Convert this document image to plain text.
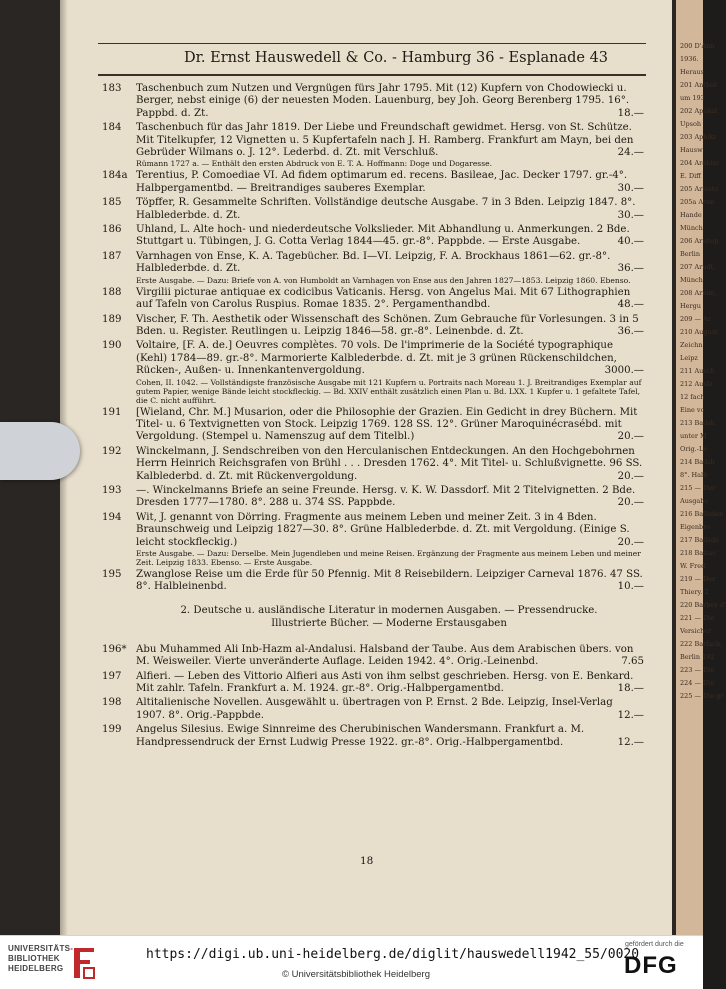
200 D'Ann
1936.
Heraus
201 Anthol
um 193
202 Apokal
Upsoh
203 Aplekr
Hausw
204 Arabisc
E. Diff
205 Ariosto
205a Arim
Hande
Münch
206 Aristop
Berlin
207 Arndt,
Münch
208 Arnim,
Hergu
209 — Ar
210 August
Zeichn
Leipz
211 Ausch
212 Auslä
12 fach
Eine vo
213 Badsh
unter M
Orig.-Le
214 Badsh
8°. Halb
215 — Der
Ausgabe
216 Balladen
Eigenbro
217 Ballads
218 Balzac
W. Fred.
219 — Der
Thiery. 2
220 Barbey d'
221 — Die
Versicher
222 Barlach,
Berlin 192
223 — Die
224 — Die
225 — Die gr
Dr. Ernst Hauswedell & Co. - Hamburg 36 - Esplanade 43
183	Taschenbuch zum Nutzen und Vergnügen fürs Jahr 1795. Mit (12) Kupfern von Chodowiecki u. Berger, nebst einige (6) der neuesten Moden. Lauenburg, bey Joh. Georg Berenberg 1795. 16°. Pappbd. d. Zt.	18.—
184	Taschenbuch für das Jahr 1819. Der Liebe und Freundschaft gewidmet. Hersg. von St. Schütze. Mit Titelkupfer, 12 Vignetten u. 5 Kupfertafeln nach J. H. Ramberg. Frankfurt am Mayn, bei den Gebrüder Wilmans o. J. 12°. Lederbd. d. Zt. mit Verschluß.	24.—
Rümann 1727 a. — Enthält den ersten Abdruck von E. T. A. Hoffmann: Doge und Dogaresse.
184a Terentius, P. Comoediae VI. Ad fidem optimarum ed. recens. Basileae, Jac. Decker 1797. gr.-4°. Halbpergamentbd. — Breitrandiges sauberes Exemplar.	30.—
185	Töpffer, R. Gesammelte Schriften. Vollständige deutsche Ausgabe. 7 in 3 Bden. Leipzig 1847. 8°. Halblederbde. d. Zt.	30.—
186	Uhland, L. Alte hoch- und niederdeutsche Volkslieder. Mit Abhandlung u. Anmerkungen. 2 Bde. Stuttgart u. Tübingen, J. G. Cotta Verlag 1844—45. gr.-8°. Pappbde. — Erste Ausgabe.	40.—
187	Varnhagen von Ense, K. A. Tagebücher. Bd. I—VI. Leipzig, F. A. Brockhaus 1861—62. gr.-8°. Halblederbde. d. Zt.	36.—
Erste Ausgabe. — Dazu: Briefe von A. von Humboldt an Varnhagen von Ense aus den Jahren 1827—1853. Leipzig 1860. Ebenso.
188	Virgilii picturae antiquae ex codicibus Vaticanis. Hersg. von Angelus Mai. Mit 67 Lithographien auf Tafeln von Carolus Ruspius. Romae 1835. 2°. Pergamenthandbd.	48.—
189	Vischer, F. Th. Aesthetik oder Wissenschaft des Schönen. Zum Gebrauche für Vorlesungen. 3 in 5 Bden. u. Register. Reutlingen u. Leipzig 1846—58. gr.-8°. Leinenbde. d. Zt.	36.—
190	Voltaire, [F. A. de.] Oeuvres complètes. 70 vols. De l'imprimerie de la Société typographique (Kehl) 1784—89. gr.-8°. Marmorierte Kalblederbde. d. Zt. mit je 3 grünen Rückenschildchen, Rücken-, Außen- u. Innenkantenvergoldung.	3000.—
Cohen, II. 1042. — Vollständigste französische Ausgabe mit 121 Kupfern u. Portraits nach Moreau 1. J. Breitrandiges Exemplar auf gutem Papier, wenige Bände leicht stockfleckig. — Bd. XXIV enthält zusätzlich einen Plan u. Bd. LXX. 1 Kupfer u. 1 gefaltete Tafel, die C. nicht aufführt.
191	[Wieland, Chr. M.] Musarion, oder die Philosophie der Grazien. Ein Gedicht in drey Büchern. Mit Titel- u. 6 Textvignetten von Stock. Leipzig 1769. 128 SS. 12°. Grüner Maroquinécrasébd. mit Vergoldung. (Stempel u. Namenszug auf dem Titelbl.)	20.—
192	Winckelmann, J. Sendschreiben von den Herculanischen Entdeckungen. An den Hochgebohrnen Herrn Heinrich Reichsgrafen von Brühl . . . Dresden 1762. 4°. Mit Titel- u. Schlußvignette. 96 SS. Kalblederbd. d. Zt. mit Rückenvergoldung.	20.—
193	—. Winckelmanns Briefe an seine Freunde. Hersg. v. K. W. Dassdorf. Mit 2 Titelvignetten. 2 Bde. Dresden 1777—1780. 8°. 288 u. 374 SS. Pappbde.	20.—
194	Wit, J. genannt von Dörring. Fragmente aus meinem Leben und meiner Zeit. 3 in 4 Bden. Braunschweig und Leipzig 1827—30. 8°. Grüne Halblederbde. d. Zt. mit Vergoldung. (Einige S. leicht stockfleckig.)	20.—
Erste Ausgabe. — Dazu: Derselbe. Mein Jugendleben und meine Reisen. Ergänzung der Fragmente aus meinem Leben und meiner Zeit. Leipzig 1833. Ebenso. — Erste Ausgabe.
195	Zwanglose Reise um die Erde für 50 Pfennig. Mit 8 Reisebildern. Leipziger Carneval 1876. 47 SS. 8°. Halbleinenbd.	10.—
2. Deutsche u. ausländische Literatur in modernen Ausgaben. — Pressendrucke.
Illustrierte Bücher. — Moderne Erstausgaben
196* Abu Muhammed Ali Inb-Hazm al-Andalusi. Halsband der Taube. Aus dem Arabischen übers. von M. Weisweiler. Vierte unveränderte Auflage. Leiden 1942. 4°. Orig.-Leinenbd.	7.65
197	Alfieri. — Leben des Vittorio Alfieri aus Asti von ihm selbst geschrieben. Hersg. von E. Benkard. Mit zahlr. Tafeln. Frankfurt a. M. 1924. gr.-8°. Orig.-Halbpergamentbd.	18.—
198	Altitalienische Novellen. Ausgewählt u. übertragen von P. Ernst. 2 Bde. Leipzig, Insel-Verlag 1907. 8°. Orig.-Pappbde.	12.—
199	Angelus Silesius. Ewige Sinnreime des Cherubinischen Wandersmann. Frankfurt a. M. Handpressendruck der Ernst Ludwig Presse 1922. gr.-8°. Orig.-Halbpergamentbd.	12.—
18
UNIVERSITÄTS-
BIBLIOTHEK
HEIDELBERG
https://digi.ub.uni-heidelberg.de/diglit/hauswedell1942_55/0020
© Universitätsbibliothek Heidelberg
gefördert durch die
DFG
